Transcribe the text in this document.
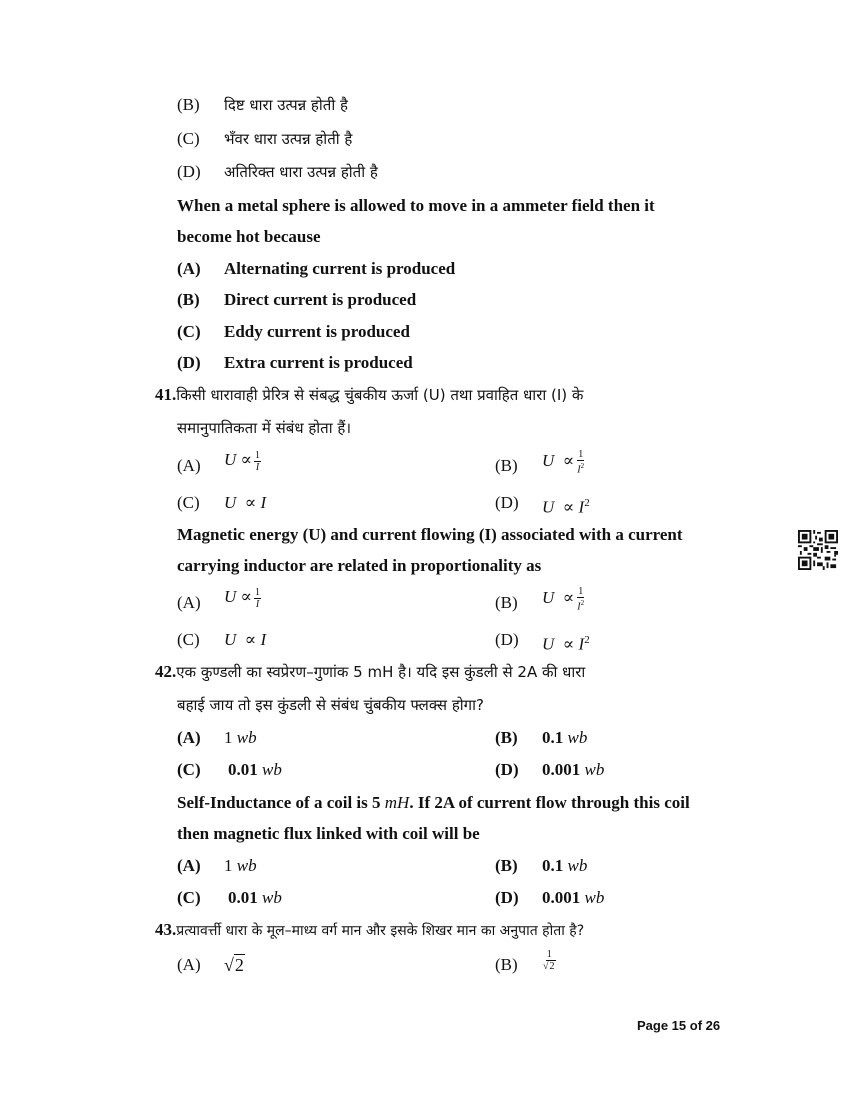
(B) दिष्ट धारा उत्पन्न होती है
(C) भँवर धारा उत्पन्न होती है
(D) अतिरिक्त धारा उत्पन्न होती है
When a metal sphere is allowed to move in a ammeter field then it
become hot because
(A) Alternating current is produced
(B) Direct current is produced
(C) Eddy current is produced
(D) Extra current is produced
41.किसी धारावाही प्रेरित्र से संबद्ध चुंबकीय ऊर्जा (U) तथा प्रवाहित धारा (I) के
समानुपातिकता में संबंध होता हैं।
(A) $U \propto \frac{1}{I}$	(B) $U \propto \frac{1}{I^2}$
(C) U ∝ I	(D) $U \propto I^2$
Magnetic energy (U) and current flowing (I) associated with a current
carrying inductor are related in proportionality as
(A) $U \propto \frac{1}{I}$	(B) $U \propto \frac{1}{I^2}$
(C) U ∝ I	(D) $U \propto I^2$
42.एक कुण्डली का स्वप्रेरण–गुणांक 5 mH है। यदि इस कुंडली से 2A की धारा
बहाई जाय तो इस कुंडली से संबंध चुंबकीय फ्लक्स होगा?
(A) 1 wb	(B) 0.1 wb
(C) 0.01 wb	(D) 0.001 wb
Self-Inductance of a coil is 5 mH. If 2A of current flow through this coil
then magnetic flux linked with coil will be
(A) 1 wb	(B) 0.1 wb
(C) 0.01 wb	(D) 0.001 wb
43.प्रत्यावर्त्ती धारा के मूल–माध्य वर्ग मान और इसके शिखर मान का अनुपात होता है?
(A) √2	$(B) \frac{1}{√2}$
Page 15 of 26
